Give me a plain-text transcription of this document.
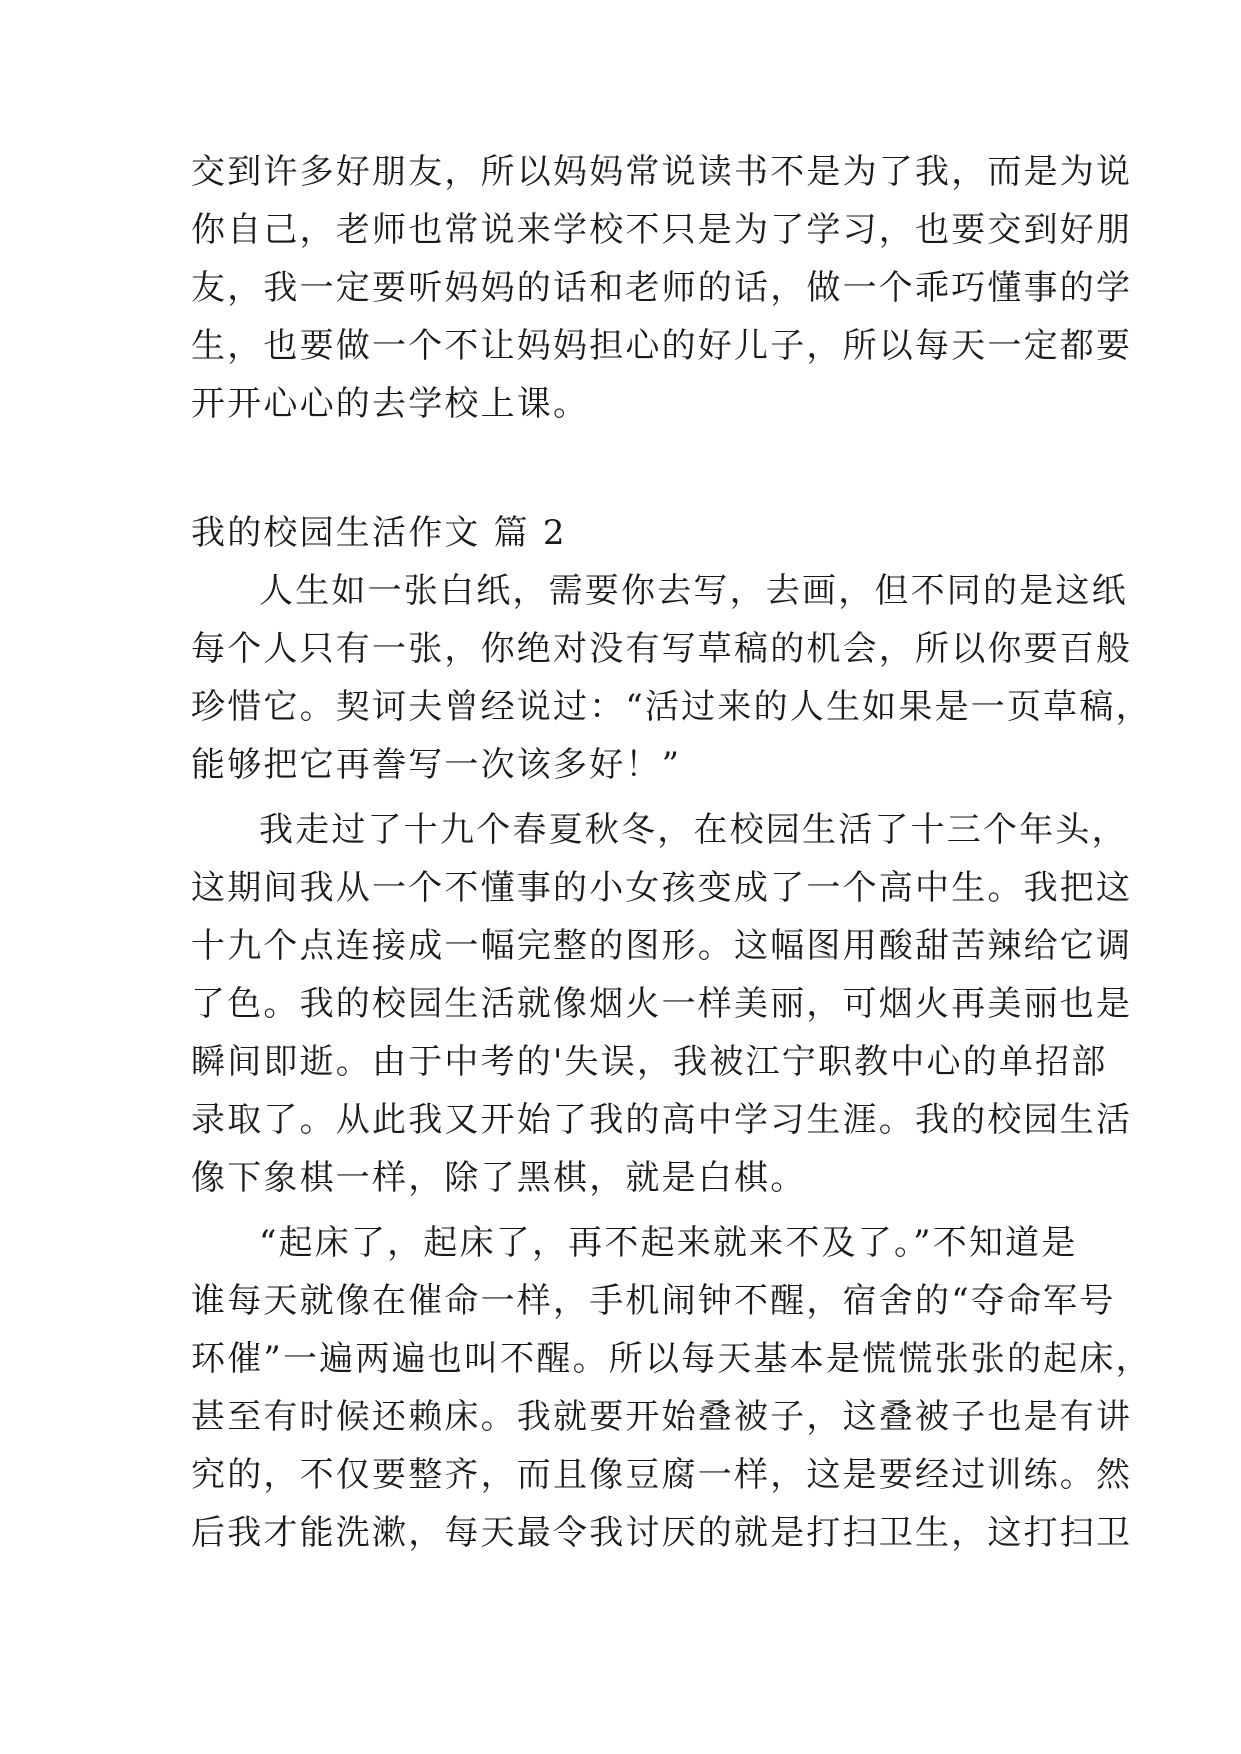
交到许多好朋友，所以妈妈常说读书不是为了我，而是为说
你自己，老师也常说来学校不只是为了学习，也要交到好朋
友，我一定要听妈妈的话和老师的话，做一个乖巧懂事的学
生，也要做一个不让妈妈担心的好儿子，所以每天一定都要
开开心心的去学校上课。
我的校园生活作文 篇 2
人生如一张白纸，需要你去写，去画，但不同的是这纸
每个人只有一张，你绝对没有写草稿的机会，所以你要百般
珍惜它。契诃夫曾经说过：“活过来的人生如果是一页草稿，
能够把它再誊写一次该多好！”
我走过了十九个春夏秋冬，在校园生活了十三个年头，
这期间我从一个不懂事的小女孩变成了一个高中生。我把这
十九个点连接成一幅完整的图形。这幅图用酸甜苦辣给它调
了色。我的校园生活就像烟火一样美丽，可烟火再美丽也是
瞬间即逝。由于中考的'失误，我被江宁职教中心的单招部
录取了。从此我又开始了我的高中学习生涯。我的校园生活
像下象棋一样，除了黑棋，就是白棋。
“起床了，起床了，再不起来就来不及了。”不知道是
谁每天就像在催命一样，手机闹钟不醒，宿舍的“夺命军号
环催”一遍两遍也叫不醒。所以每天基本是慌慌张张的起床，
甚至有时候还赖床。我就要开始叠被子，这叠被子也是有讲
究的，不仅要整齐，而且像豆腐一样，这是要经过训练。然
后我才能洗漱，每天最令我讨厌的就是打扫卫生，这打扫卫
